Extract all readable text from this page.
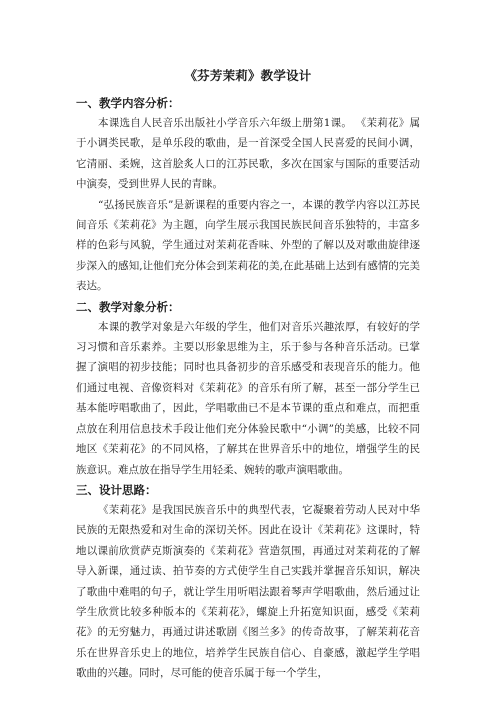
《芬芳茉莉》教学设计
一、教学内容分析：

本课选自人民音乐出版社小学音乐六年级上册第1课。 《茉莉花》属于小调类民歌，是单乐段的歌曲，是一首深受全国人民喜爱的民间小调，它清丽、柔婉，这首脍炙人口的江苏民歌，多次在国家与国际的重要活动中演奏，受到世界人民的青睐。

“弘扬民族音乐”是新课程的重要内容之一，本课的教学内容以江苏民间音乐《茉莉花》为主题，向学生展示我国民族民间音乐独特的，丰富多样的色彩与风貌，学生通过对茉莉花香味、外型的了解以及对歌曲旋律逐步深入的感知,让他们充分体会到茉莉花的美,在此基础上达到有感情的完美表达。

二、教学对象分析：

本课的教学对象是六年级的学生，他们对音乐兴趣浓厚，有较好的学习习惯和音乐素养。主要以形象思维为主，乐于参与各种音乐活动。已掌握了演唱的初步技能；同时也具备初步的音乐感受和表现音乐的能力。他们通过电视、音像资料对《茉莉花》的音乐有所了解，甚至一部分学生已基本能哼唱歌曲了，因此，学唱歌曲已不是本节课的重点和难点，而把重点放在利用信息技术手段让他们充分体验民歌中“小调”的美感，比较不同地区《茉莉花》的不同风格，了解其在世界音乐中的地位，增强学生的民族意识。难点放在指导学生用轻柔、婉转的歌声演唱歌曲。

三、设计思路：

《茉莉花》是我国民族音乐中的典型代表，它凝聚着劳动人民对中华民族的无限热爱和对生命的深切关怀。因此在设计《茉莉花》这课时，特地以课前欣赏萨克斯演奏的《茉莉花》营造氛围，再通过对茉莉花的了解导入新课，通过读、拍节奏的方式使学生自己实践并掌握音乐知识，解决了歌曲中难唱的句子，就让学生用听唱法跟着琴声学唱歌曲，然后通过让学生欣赏比较多种版本的《茉莉花》，螺旋上升拓宽知识面，感受《茉莉花》的无穷魅力，再通过讲述歌剧《图兰多》的传奇故事，了解茉莉花音乐在世界音乐史上的地位，培养学生民族自信心、自豪感，激起学生学唱歌曲的兴趣。同时，尽可能的使音乐属于每一个学生，
